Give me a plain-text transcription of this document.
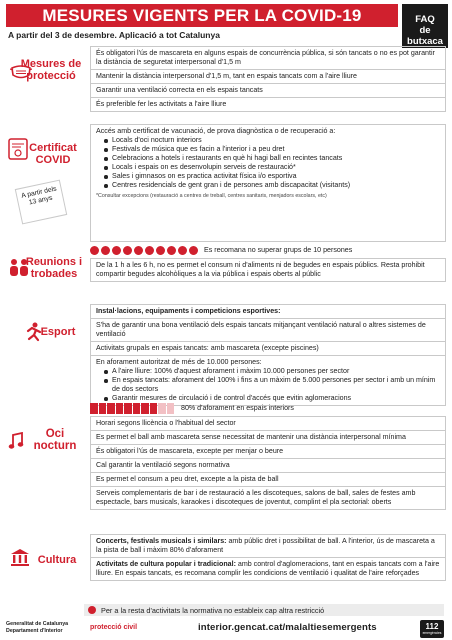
MESURES VIGENTS PER LA COVID-19	FAQ
de
butxaca
A partir del 3 de desembre. Aplicació a tot Catalunya
Mesures de protecció
És obligatori l'ús de mascareta en alguns espais de concurrència pública, si són tancats o no es pot garantir la distància de seguretat interpersonal d'1,5 m
Mantenir la distància interpersonal d'1,5 m, tant en espais tancats com a l'aire lliure
Garantir una ventilació correcta en els espais tancats
És preferible fer les activitats a l'aire lliure
Certificat COVID
A partir dels 13 anys
Accés amb certificat de vacunació, de prova diagnòstica o de recuperació a:
Locals d'oci nocturn interiors
Festivals de música que es facin a l'interior i a peu dret
Celebracions a hotels i restaurants en què hi hagi ball en recintes tancats
Locals i espais on es desenvolupin serveis de restauració*
Sales i gimnasos on es practica activitat física i/o esportiva
Centres residencials de gent gran i de persones amb discapacitat (visitants)
*Consultar excepcions (restauració a centres de treball, centres sanitaris, menjadors escolars, etc)
Reunions i trobades
Es recomana no superar grups de 10 persones
De la 1 h a les 6 h, no es permet el consum ni d'aliments ni de begudes en espais públics. Resta prohibit compartir begudes alcohòliques a la via pública i espais oberts al públic
Esport
Instal·lacions, equipaments i competicions esportives:
S'ha de garantir una bona ventilació dels espais tancats mitjançant ventilació natural o altres sistemes de ventilació
Activitats grupals en espais tancats: amb mascareta (excepte piscines)
En aforament autoritzat de més de 10.000 persones:
A l'aire lliure: 100% d'aquest aforament i màxim 10.000 persones per sector
En espais tancats: aforament del 100% i fins a un màxim de 5.000 persones per sector i amb un mínim de dos sectors
Garantir mesures de circulació i de control d'accés que evitin aglomeracions
Oci nocturn
80% d'aforament en espais interiors
Horari segons llicència o l'habitual del sector
Es permet el ball amb mascareta sense necessitat de mantenir una distància interpersonal mínima
És obligatori l'ús de mascareta, excepte per menjar o beure
Cal garantir la ventilació segons normativa
Es permet el consum a peu dret, excepte a la pista de ball
Serveis complementaris de bar i de restauració a les discoteques, salons de ball, sales de festes amb espectacle, bars musicals, karaokes i discoteques de joventut, complint el pla sectorial: oberts
Cultura
Concerts, festivals musicals i similars: amb públic dret i possibilitat de ball. A l'interior, ús de mascareta a la pista de ball i màxim 80% d'aforament
Activitats de cultura popular i tradicional: amb control d'aglomeracions, tant en espais tancats com a l'aire lliure. En espais tancats, es recomana complir les condicions de ventilació i qualitat de l'aire reforçades
Per a la resta d'activitats la normativa no estableix cap altra restricció
Generalitat de Catalunya
Departament d'Interior	protecció civil	interior.gencat.cat/malaltiesemergents	112
emergències
